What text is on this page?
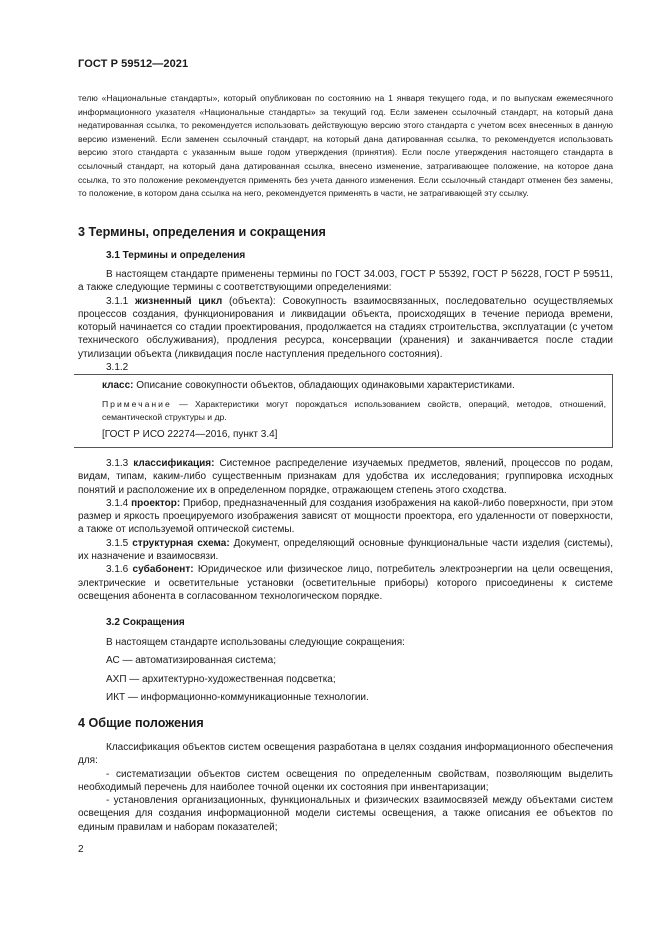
ГОСТ Р 59512—2021
телю «Национальные стандарты», который опубликован по состоянию на 1 января текущего года, и по выпускам ежемесячного информационного указателя «Национальные стандарты» за текущий год. Если заменен ссылочный стандарт, на который дана недатированная ссылка, то рекомендуется использовать действующую версию этого стандарта с учетом всех внесенных в данную версию изменений. Если заменен ссылочный стандарт, на который дана датированная ссылка, то рекомендуется использовать версию этого стандарта с указанным выше годом утверждения (принятия). Если после утверждения настоящего стандарта в ссылочный стандарт, на который дана датированная ссылка, внесено изменение, затрагивающее положение, на которое дана ссылка, то это положение рекомендуется применять без учета данного изменения. Если ссылочный стандарт отменен без замены, то положение, в котором дана ссылка на него, рекомендуется применять в части, не затрагивающей эту ссылку.

3 Термины, определения и сокращения

3.1 Термины и определения

В настоящем стандарте применены термины по ГОСТ 34.003, ГОСТ Р 55392, ГОСТ Р 56228, ГОСТ Р 59511, а также следующие термины с соответствующими определениями:

3.1.1 жизненный цикл (объекта): Совокупность взаимосвязанных, последовательно осуществляемых процессов создания, функционирования и ликвидации объекта, происходящих в течение периода времени, который начинается со стадии проектирования, продолжается на стадиях строительства, эксплуатации (с учетом технического обслуживания), продления ресурса, консервации (хранения) и заканчивается после стадии утилизации объекта (ликвидация после наступления предельного состояния).

3.1.2

класс: Описание совокупности объектов, обладающих одинаковыми характеристиками.

Примечание — Характеристики могут порождаться использованием свойств, операций, методов, отношений, семантической структуры и др.

[ГОСТ Р ИСО 22274—2016, пункт 3.4]

3.1.3 классификация: Системное распределение изучаемых предметов, явлений, процессов по родам, видам, типам, каким-либо существенным признакам для удобства их исследования; группировка исходных понятий и расположение их в определенном порядке, отражающем степень этого сходства.

3.1.4 проектор: Прибор, предназначенный для создания изображения на какой-либо поверхности, при этом размер и яркость проецируемого изображения зависят от мощности проектора, его удаленности от поверхности, а также от используемой оптической системы.

3.1.5 структурная схема: Документ, определяющий основные функциональные части изделия (системы), их назначение и взаимосвязи.

3.1.6 субабонент: Юридическое или физическое лицо, потребитель электроэнергии на цели освещения, электрические и осветительные установки (осветительные приборы) которого присоединены к системе освещения абонента в согласованном технологическом порядке.

3.2 Сокращения

В настоящем стандарте использованы следующие сокращения:

АС — автоматизированная система;

АХП — архитектурно-художественная подсветка;

ИКТ — информационно-коммуникационные технологии.

4 Общие положения

Классификация объектов систем освещения разработана в целях создания информационного обеспечения для:

- систематизации объектов систем освещения по определенным свойствам, позволяющим выделить необходимый перечень для наиболее точной оценки их состояния при инвентаризации;

- установления организационных, функциональных и физических взаимосвязей между объектами систем освещения для создания информационной модели системы освещения, а также описания ее объектов по единым правилам и наборам показателей;

2
